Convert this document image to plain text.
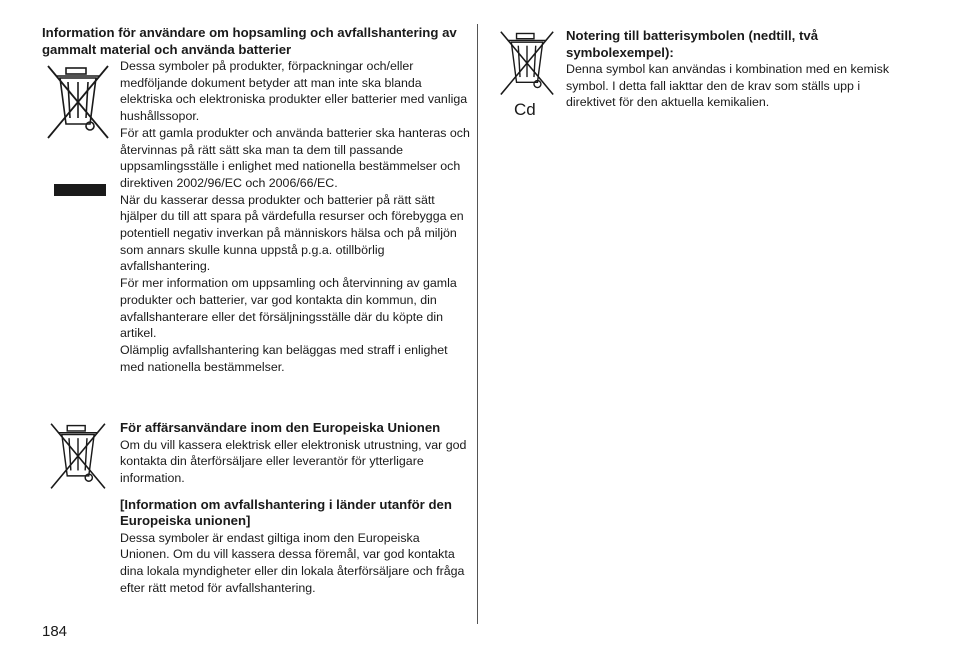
Information för användare om hopsamling och avfallshantering av gammalt material och använda batterier

Dessa symboler på produkter, förpackningar och/eller medföljande dokument betyder att man inte ska blanda elektriska och elektroniska produkter eller batterier med vanliga hushållssopor.

För att gamla produkter och använda batterier ska hanteras och återvinnas på rätt sätt ska man ta dem till passande uppsamlingsställe i enlighet med nationella bestämmelser och direktiven 2002/96/EC och 2006/66/EC.

När du kasserar dessa produkter och batterier på rätt sätt hjälper du till att spara på värdefulla resurser och förebygga en potentiell negativ inverkan på människors hälsa och på miljön som annars skulle kunna uppstå p.g.a. otillbörlig avfallshantering.

För mer information om uppsamling och återvinning av gamla produkter och batterier, var god kontakta din kommun, din avfallshanterare eller det försäljningsställe där du köpte din artikel.

Olämplig avfallshantering kan beläggas med straff i enlighet med nationella bestämmelser.

För affärsanvändare inom den Europeiska Unionen

Om du vill kassera elektrisk eller elektronisk utrustning, var god kontakta din återförsäljare eller leverantör för ytterligare information.

[Information om avfallshantering i länder utanför den Europeiska unionen]

Dessa symboler är endast giltiga inom den Europeiska Unionen. Om du vill kassera dessa föremål, var god kontakta dina lokala myndigheter eller din lokala återförsäljare och fråga efter rätt metod för avfallshantering.

Cd
Notering till batterisymbolen (nedtill, två symbolexempel):

Denna symbol kan användas i kombination med en kemisk symbol. I detta fall iakttar den de krav som ställs upp i direktivet för den aktuella kemikalien.

184
